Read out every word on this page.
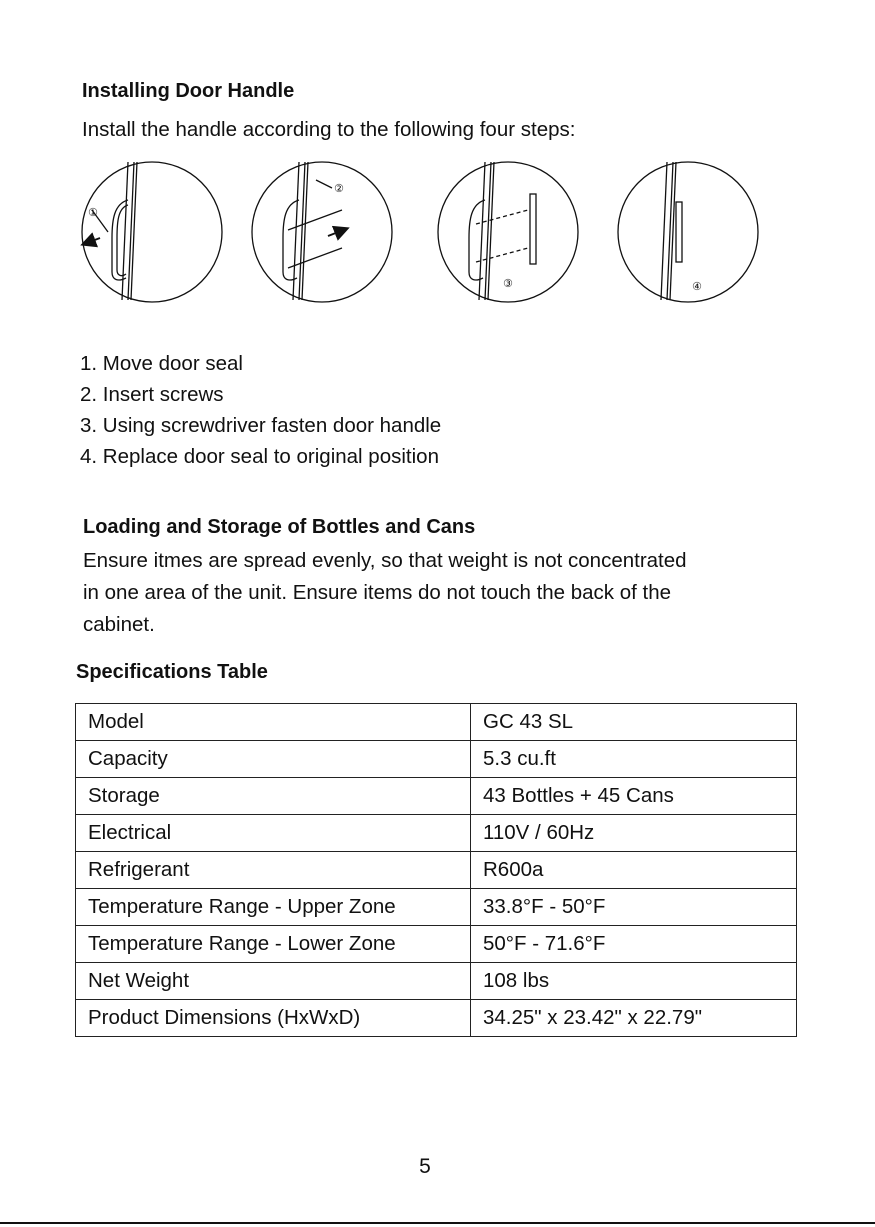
Installing Door Handle
Install the handle according to the following four steps:
①
②
③	④
1. Move door seal
2. Insert screws
3. Using screwdriver fasten door handle
4. Replace door seal to original position
Loading and Storage of Bottles and Cans
Ensure itmes are spread evenly, so that weight is not concentrated
in one area of the unit. Ensure items do not touch the back of the
cabinet.
Specifications Table
Model	GC 43 SL
Capacity	5.3 cu.ft
Storage	43 Bottles + 45 Cans
Electrical	110V / 60Hz
Refrigerant	R600a
Temperature Range - Upper Zone	33.8°F - 50°F
Temperature Range - Lower Zone	50°F - 71.6°F
Net Weight	108 lbs
Product Dimensions (HxWxD)	34.25" x 23.42" x 22.79"
5
